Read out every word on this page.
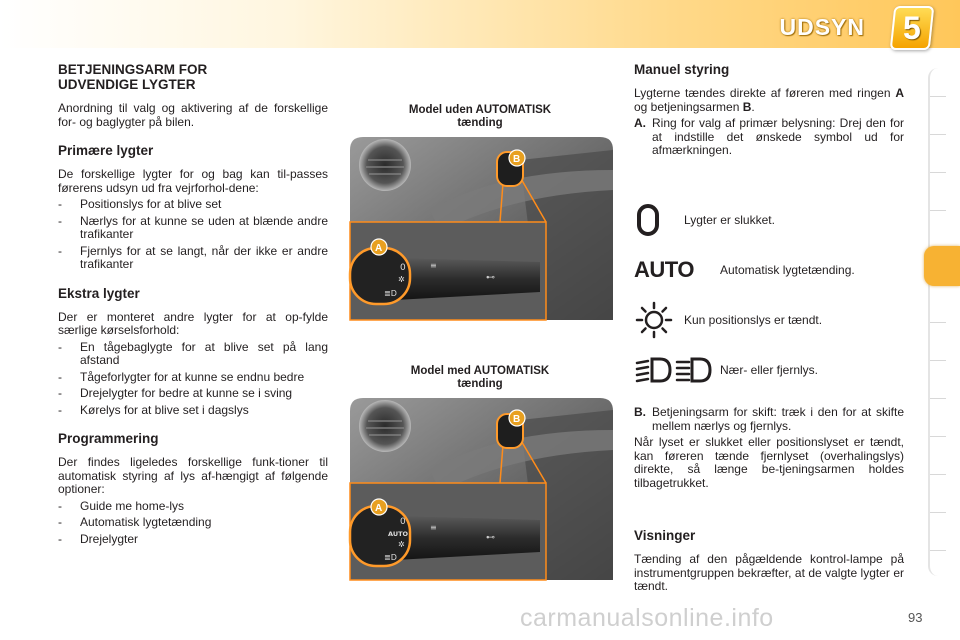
UDSYN 5
BETJENINGSARM FOR
UDVENDIGE LYGTER

Anordning til valg og aktivering af de forskellige for- og baglygter på bilen.

Primære lygter

De forskellige lygter for og bag kan til-passes førerens udsyn ud fra vejrforhol-dene:

- Positionslys for at blive set
- Nærlys for at kunne se uden at blænde andre trafikanter
- Fjernlys for at se langt, når der ikke er andre trafikanter
Ekstra lygter

Der er monteret andre lygter for at op-fylde særlige kørselsforhold:

- En tågebaglygte for at blive set på lang afstand
- Tågeforlygter for at kunne se endnu bedre
- Drejelygter for bedre at kunne se i sving
- Kørelys for at blive set i dagslys
Programmering

Der findes ligeledes forskellige funk-tioner til automatisk styring af lys af-hængigt af følgende optioner:

- Guide me home-lys
- Automatisk lygtetænding
- Drejelygter
Model uden AUTOMATISK
tænding
Model med AUTOMATISK
tænding
0
✲
≣D
≡
⊷
B
A
0
AUTO
✲
≣D
≡
⊷
B
A
Manuel styring

Lygterne tændes direkte af føreren med ringen A og betjeningsarmen B.

A. Ring for valg af primær belysning: Drej den for at indstille det ønskede symbol ud for afmærkningen.
Lygter er slukket.
AUTO Automatisk lygtetænding.
Kun positionslys er tændt.
Nær- eller fjernlys.
B. Betjeningsarm for skift: træk i den for at skifte mellem nærlys og fjernlys.

Når lyset er slukket eller positionslyset er tændt, kan føreren tænde fjernlyset (overhalingslys) direkte, så længe be-tjeningsarmen holdes tilbagetrukket.

Visninger

Tænding af den pågældende kontrol-lampe på instrumentgruppen bekræfter, at de valgte lygter er tændt.

carmanualsonline.info	93
